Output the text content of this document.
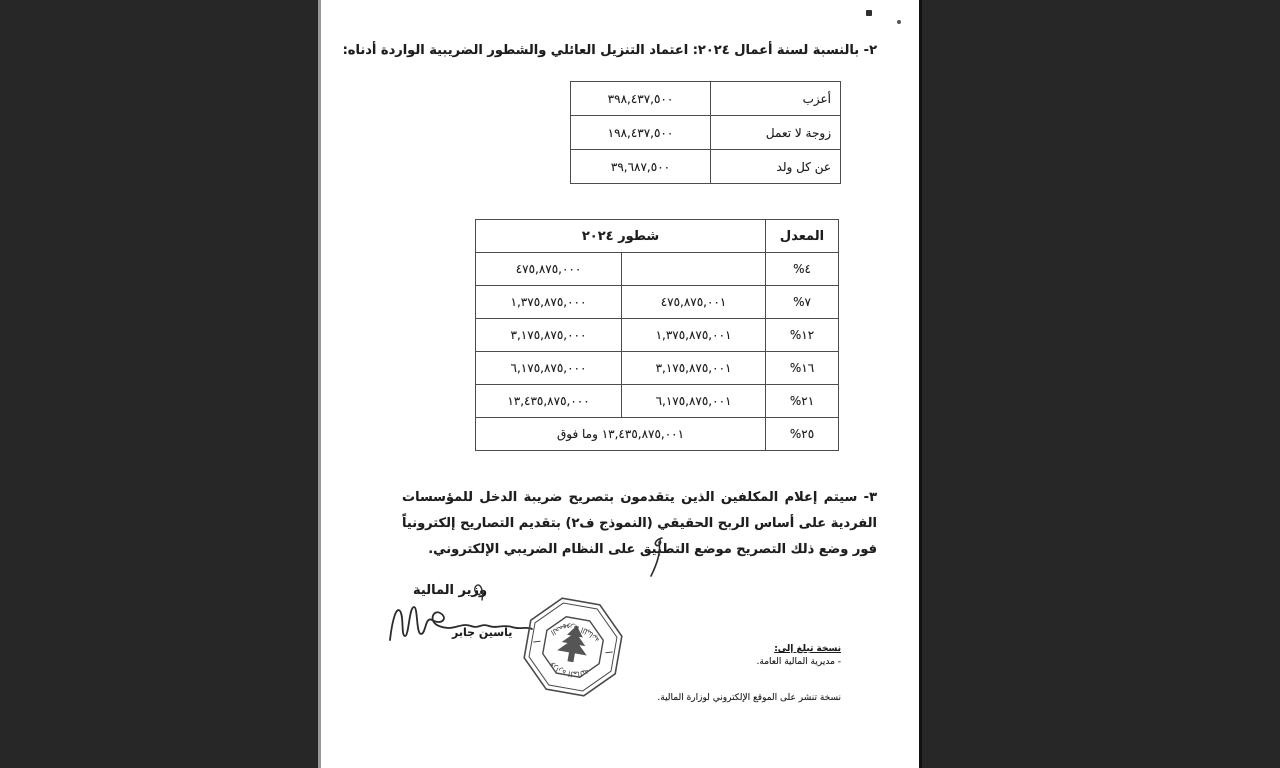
٢- بالنسبة لسنة أعمال ٢٠٢٤: اعتماد التنزيل العائلي والشطور الضريبية الواردة أدناه:
أعزب	٣٩٨,٤٣٧,٥٠٠
زوجة لا تعمل	١٩٨,٤٣٧,٥٠٠
عن كل ولد	٣٩,٦٨٧,٥٠٠
المعدل	شطور ٢٠٢٤	
٤%		٤٧٥,٨٧٥,٠٠٠
٧%	٤٧٥,٨٧٥,٠٠١	١,٣٧٥,٨٧٥,٠٠٠
١٢%	١,٣٧٥,٨٧٥,٠٠١	٣,١٧٥,٨٧٥,٠٠٠
١٦%	٣,١٧٥,٨٧٥,٠٠١	٦,١٧٥,٨٧٥,٠٠٠
٢١%	٦,١٧٥,٨٧٥,٠٠١	١٣,٤٣٥,٨٧٥,٠٠٠
٢٥%	١٣,٤٣٥,٨٧٥,٠٠١ وما فوق	
٣- سيتم إعلام المكلفين الذين يتقدمون بتصريح ضريبة الدخل للمؤسسات الفردية على أساس الربح الحقيقي (النموذج ف٢) بتقديم التصاريح إلكترونياً فور وضع ذلك التصريح موضع التطبيق على النظام الضريبي الإلكتروني.
وزير المالية
ياسين جابر
الجمهورية اللبنانية
وزارة المالية
نسخة تبلغ إلى:
- مديرية المالية العامة.
نسخة تنشر على الموقع الإلكتروني لوزارة المالية.
